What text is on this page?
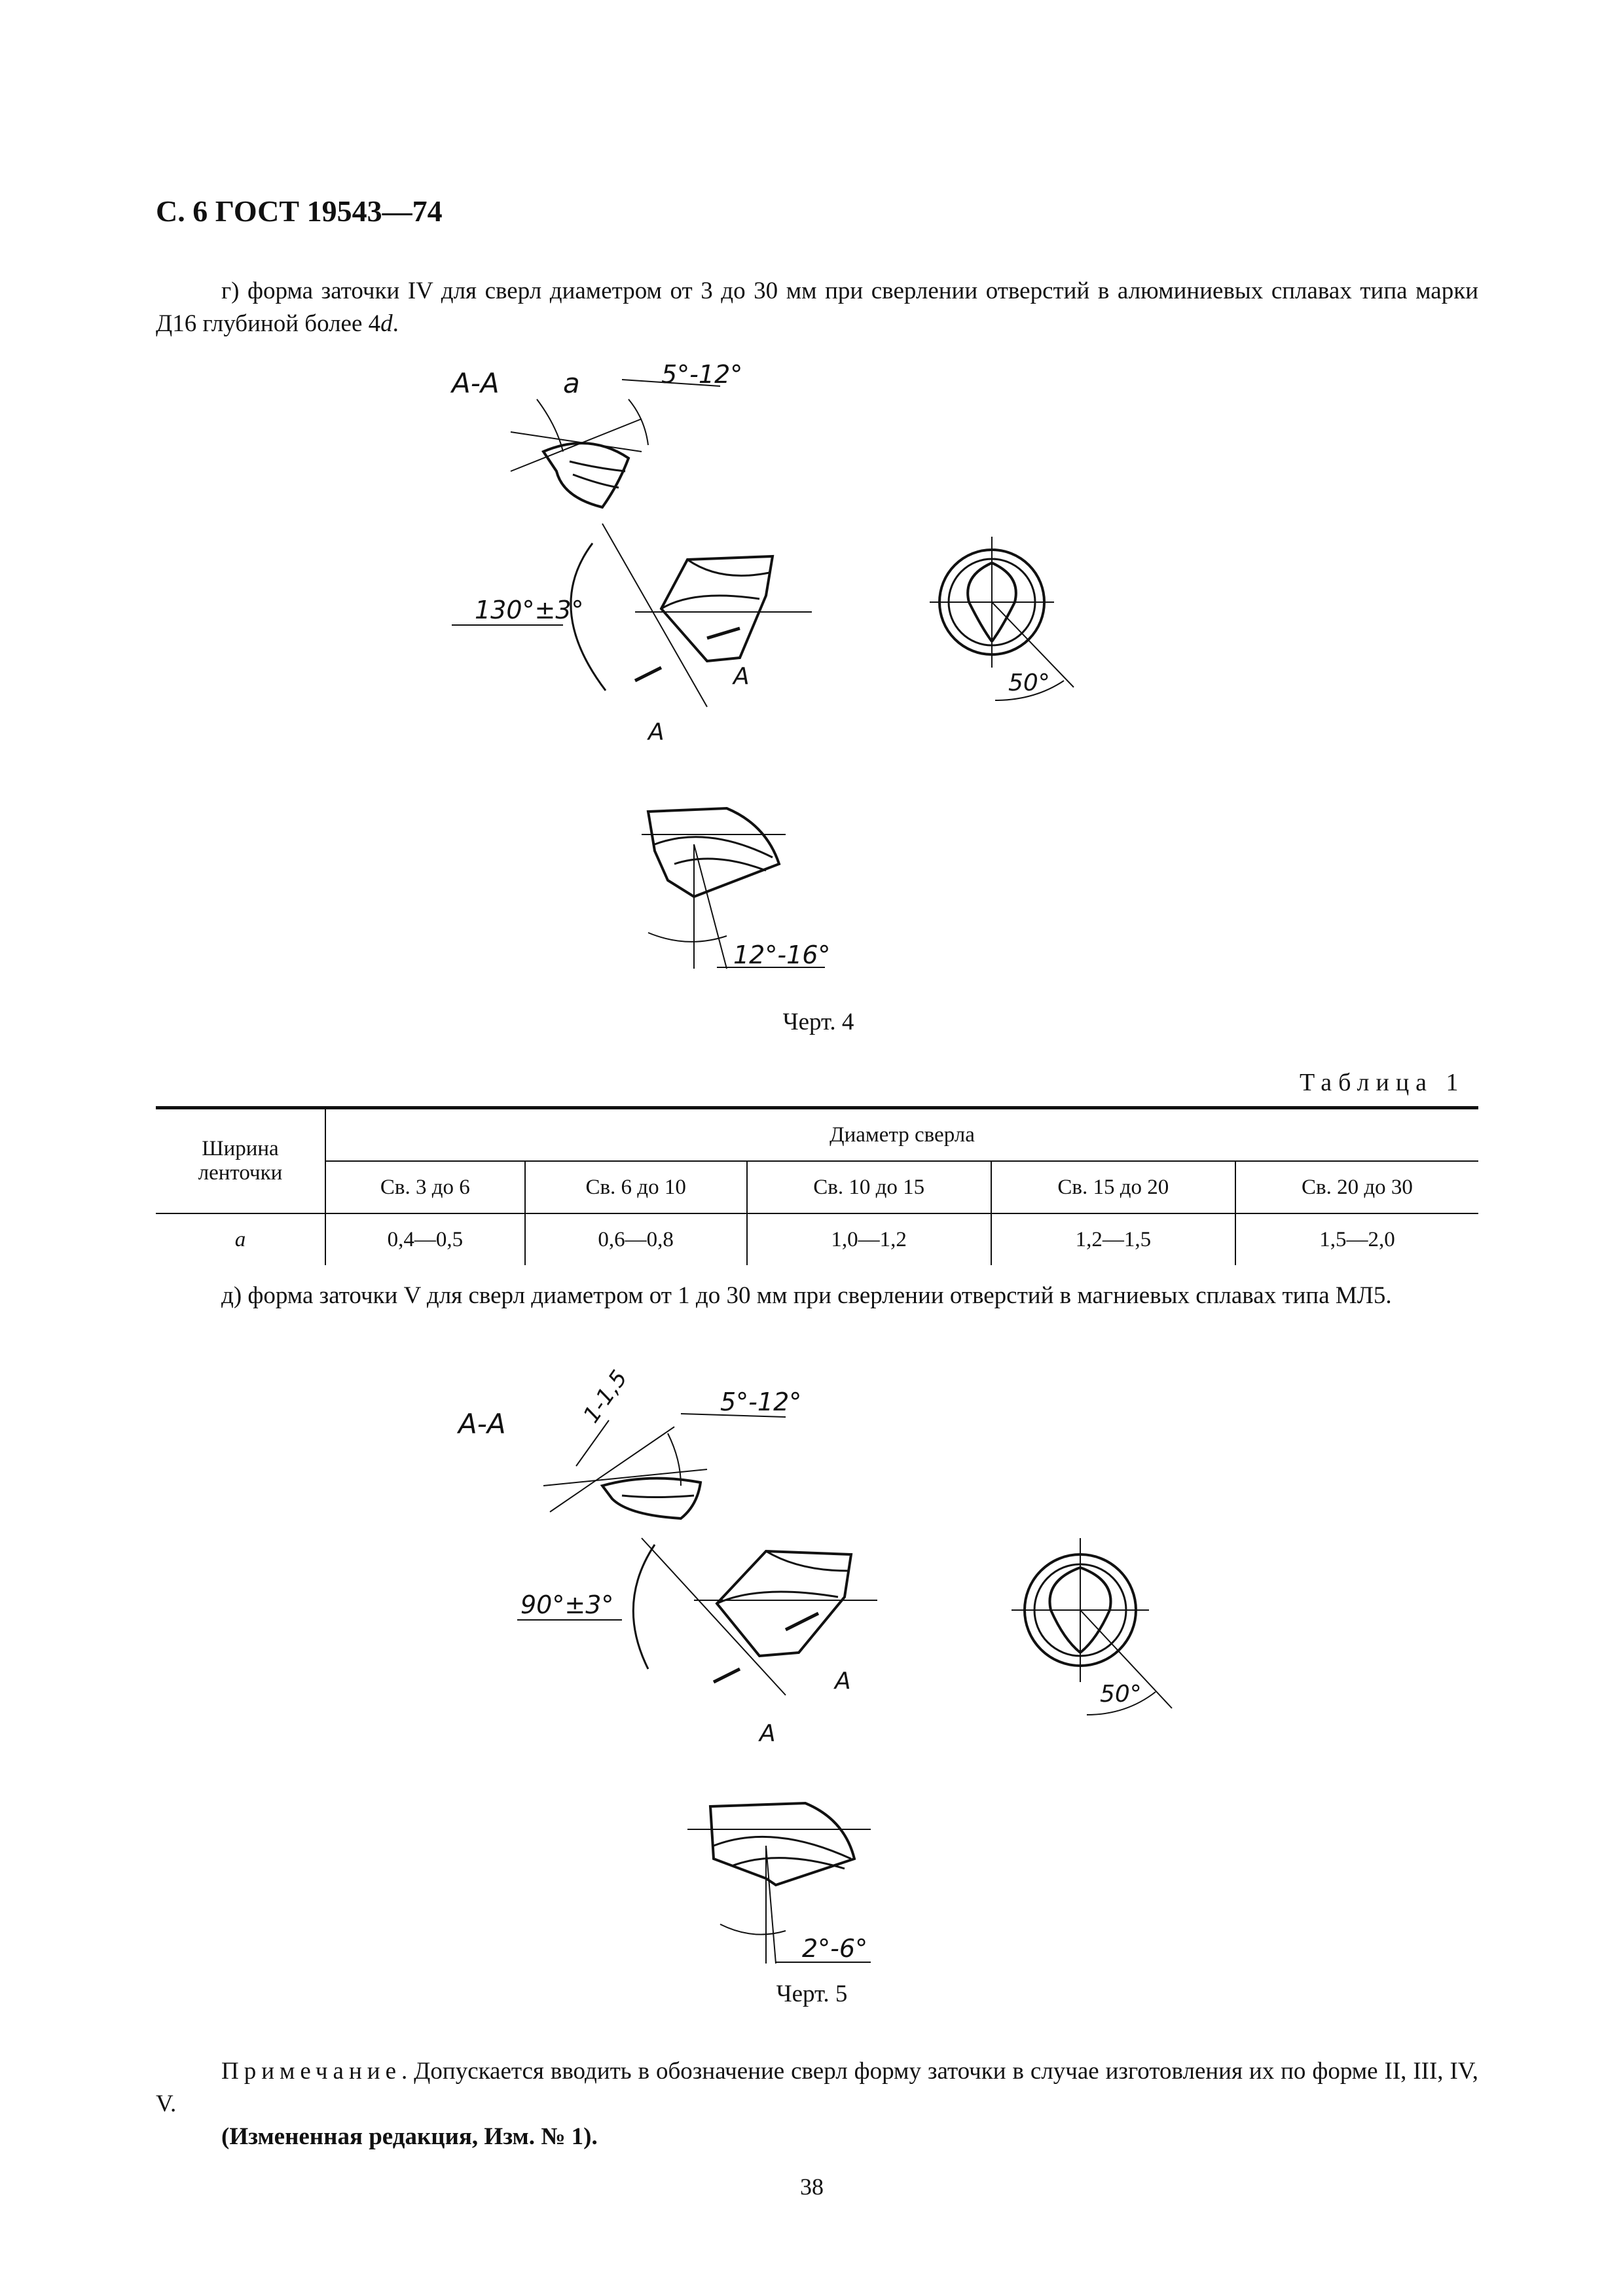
С. 6 ГОСТ 19543—74
г) форма заточки IV для сверл диаметром от 3 до 30 мм при сверлении отверстий в алюминиевых сплавах типа марки Д16 глубиной более 4d.
А-А a	5°-12°
130°±3°
А
А
50°
12°-16°
Черт. 4
Таблица 1
Ширина
ленточки	Диаметр сверла				
	Св. 3 до 6	Св. 6 до 10	Св. 10 до 15	Св. 15 до 20	Св. 20 до 30
a	0,4—0,5	0,6—0,8	1,0—1,2	1,2—1,5	1,5—2,0
д) форма заточки V для сверл диаметром от 1 до 30 мм при сверлении отверстий в магниевых сплавах типа МЛ5.
А-А	1-1,5	5°-12°
90°±3°
А
А
50°
2°-6°
Черт. 5
Примечание. Допускается вводить в обозначение сверл форму заточки в случае изготовления их по форме II, III, IV, V.
(Измененная редакция, Изм. № 1).
38
